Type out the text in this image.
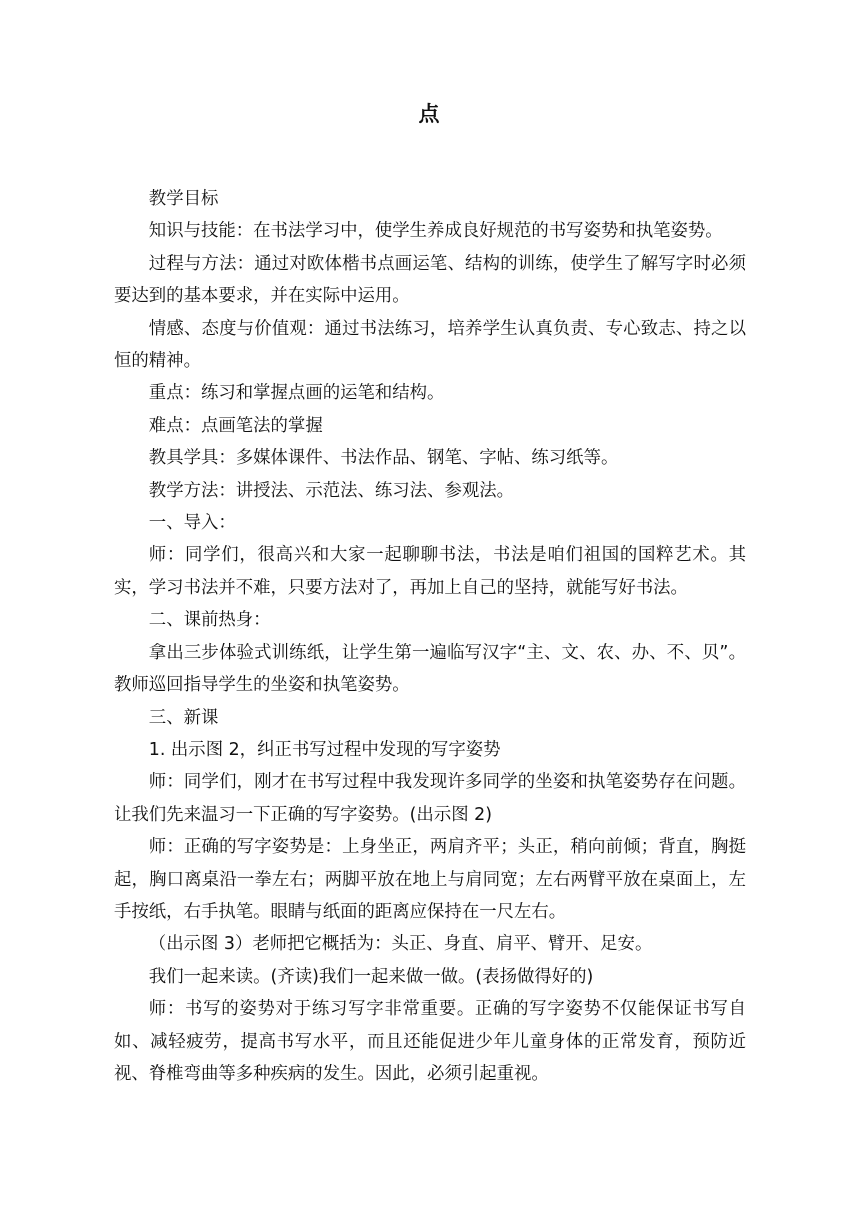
点

教学目标

知识与技能：在书法学习中，使学生养成良好规范的书写姿势和执笔姿势。

过程与方法：通过对欧体楷书点画运笔、结构的训练，使学生了解写字时必须要达到的基本要求，并在实际中运用。

情感、态度与价值观：通过书法练习，培养学生认真负责、专心致志、持之以恒的精神。

重点：练习和掌握点画的运笔和结构。

难点：点画笔法的掌握

教具学具：多媒体课件、书法作品、钢笔、字帖、练习纸等。

教学方法：讲授法、示范法、练习法、参观法。

一、导入：

师：同学们，很高兴和大家一起聊聊书法，书法是咱们祖国的国粹艺术。其实，学习书法并不难，只要方法对了，再加上自己的坚持，就能写好书法。

二、课前热身：

拿出三步体验式训练纸，让学生第一遍临写汉字“主、文、农、办、不、贝”。教师巡回指导学生的坐姿和执笔姿势。

三、新课

1. 出示图 2，纠正书写过程中发现的写字姿势

师：同学们，刚才在书写过程中我发现许多同学的坐姿和执笔姿势存在问题。让我们先来温习一下正确的写字姿势。(出示图 2)

师：正确的写字姿势是：上身坐正，两肩齐平；头正，稍向前倾；背直，胸挺起，胸口离桌沿一拳左右；两脚平放在地上与肩同宽；左右两臂平放在桌面上，左手按纸，右手执笔。眼睛与纸面的距离应保持在一尺左右。

（出示图 3）老师把它概括为：头正、身直、肩平、臂开、足安。

我们一起来读。(齐读)我们一起来做一做。(表扬做得好的)

师：书写的姿势对于练习写字非常重要。正确的写字姿势不仅能保证书写自如、减轻疲劳，提高书写水平，而且还能促进少年儿童身体的正常发育，预防近视、脊椎弯曲等多种疾病的发生。因此，必须引起重视。
